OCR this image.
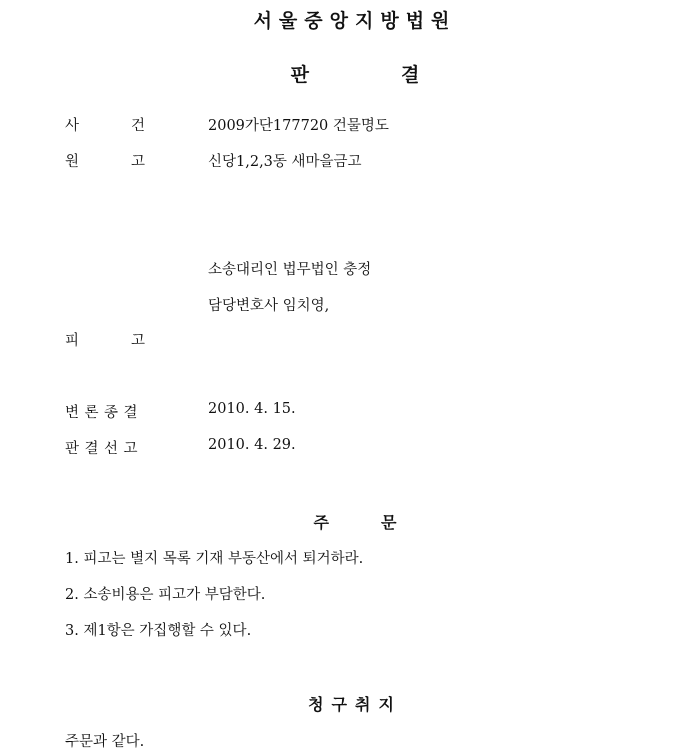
서울중앙지방법원
판	결
사	건	2009가단177720 건물명도
원	고	신당1,2,3동 새마을금고
소송대리인 법무법인 충정
담당변호사 임치영,
피	고
변론종결	2010. 4. 15.
판결선고	2010. 4. 29.
주	문
1. 피고는 별지 목록 기재 부동산에서 퇴거하라.
2. 소송비용은 피고가 부담한다.
3. 제1항은 가집행할 수 있다.
청구취지
주문과 같다.
